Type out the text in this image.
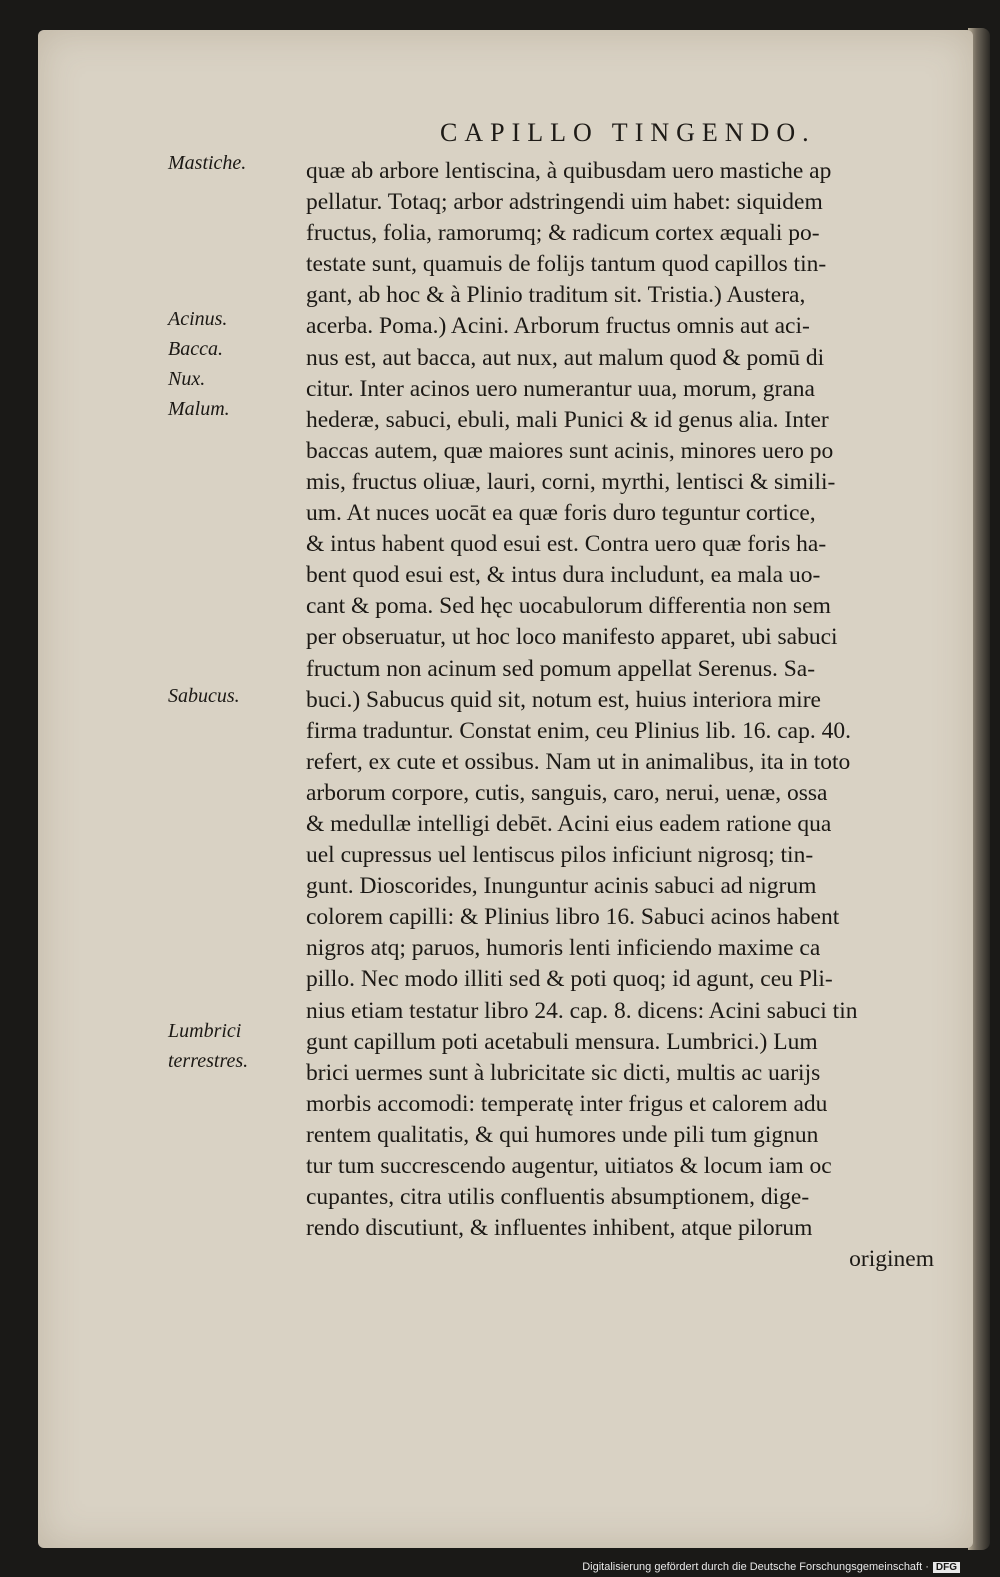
CAPILLO TINGENDO.
Mastiche.
Acinus.
Bacca.
Nux.
Malum.
Sabucus.
Lumbrici
terrestres.
quæ ab arbore lentiscina, à quibusdam uero mastiche ap
pellatur. Totaq; arbor adstringendi uim habet: siquidem
fructus, folia, ramorumq; & radicum cortex æquali po-
testate sunt, quamuis de folijs tantum quod capillos tin-
gant, ab hoc & à Plinio traditum sit. Tristia.) Austera,
acerba. Poma.) Acini. Arborum fructus omnis aut aci-
nus est, aut bacca, aut nux, aut malum quod & pomū di
citur. Inter acinos uero numerantur uua, morum, grana
hederæ, sabuci, ebuli, mali Punici & id genus alia. Inter
baccas autem, quæ maiores sunt acinis, minores uero po
mis, fructus oliuæ, lauri, corni, myrthi, lentisci & simili-
um. At nuces uocāt ea quæ foris duro teguntur cortice,
& intus habent quod esui est. Contra uero quæ foris ha-
bent quod esui est, & intus dura includunt, ea mala uo-
cant & poma. Sed hęc uocabulorum differentia non sem
per obseruatur, ut hoc loco manifesto apparet, ubi sabuci
fructum non acinum sed pomum appellat Serenus. Sa-
buci.) Sabucus quid sit, notum est, huius interiora mire
firma traduntur. Constat enim, ceu Plinius lib. 16. cap. 40.
refert, ex cute et ossibus. Nam ut in animalibus, ita in toto
arborum corpore, cutis, sanguis, caro, nerui, uenæ, ossa
& medullæ intelligi debēt. Acini eius eadem ratione qua
uel cupressus uel lentiscus pilos inficiunt nigrosq; tin-
gunt. Dioscorides, Inunguntur acinis sabuci ad nigrum
colorem capilli: & Plinius libro 16. Sabuci acinos habent
nigros atq; paruos, humoris lenti inficiendo maxime ca
pillo. Nec modo illiti sed & poti quoq; id agunt, ceu Pli-
nius etiam testatur libro 24. cap. 8. dicens: Acini sabuci tin
gunt capillum poti acetabuli mensura. Lumbrici.) Lum
brici uermes sunt à lubricitate sic dicti, multis ac uarijs
morbis accomodi: temperatę inter frigus et calorem adu
rentem qualitatis, & qui humores unde pili tum gignun
tur tum succrescendo augentur, uitiatos & locum iam oc
cupantes, citra utilis confluentis absumptionem, dige-
rendo discutiunt, & influentes inhibent, atque pilorum
originem
Digitalisierung gefördert durch die Deutsche Forschungsgemeinschaft · DFG
